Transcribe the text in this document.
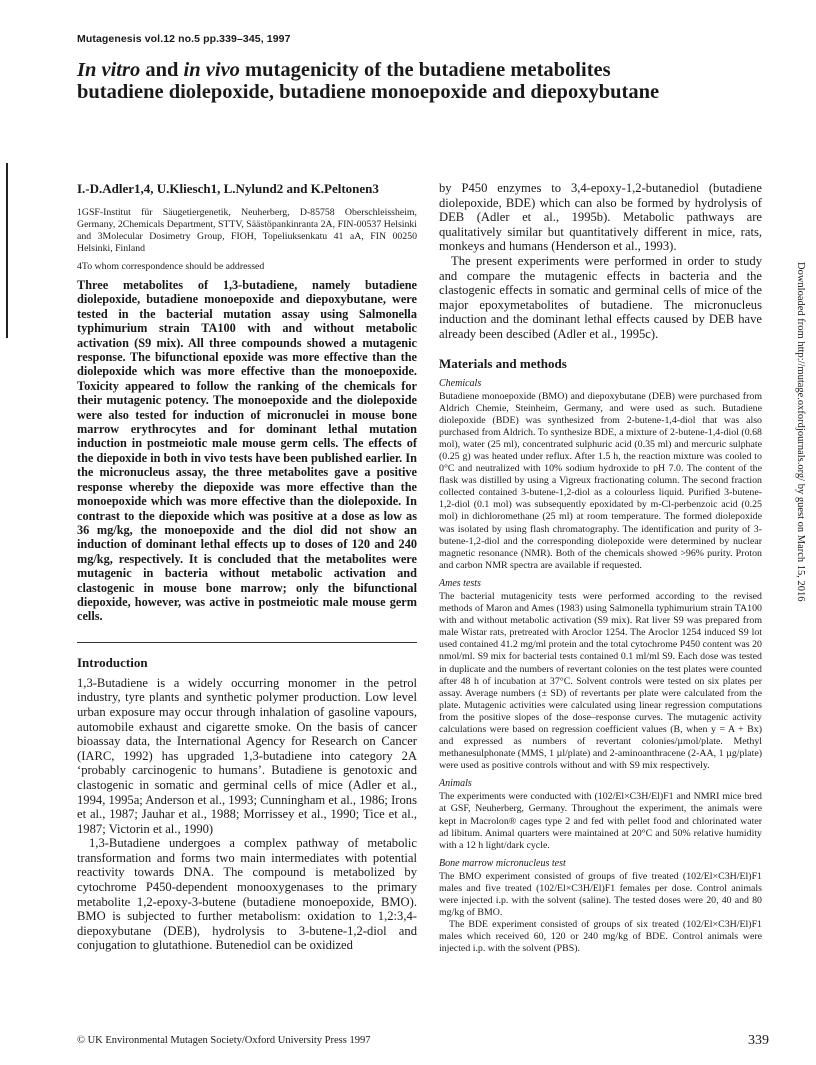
Mutagenesis vol.12 no.5 pp.339–345, 1997
In vitro and in vivo mutagenicity of the butadiene metabolites
butadiene diolepoxide, butadiene monoepoxide and diepoxybutane

I.-D.Adler1,4, U.Kliesch1, L.Nylund2 and K.Peltonen3

1GSF-Institut für Säugetiergenetik, Neuherberg, D-85758 Oberschleissheim, Germany, 2Chemicals Department, STTV, Säästöpankinranta 2A, FIN-00537 Helsinki and 3Molecular Dosimetry Group, FIOH, Topeliuksenkatu 41 aA, FIN 00250 Helsinki, Finland

4To whom correspondence should be addressed

Three metabolites of 1,3-butadiene, namely butadiene diolepoxide, butadiene monoepoxide and diepoxybutane, were tested in the bacterial mutation assay using Salmonella typhimurium strain TA100 with and without metabolic activation (S9 mix). All three compounds showed a mutagenic response. The bifunctional epoxide was more effective than the diolepoxide which was more effective than the monoepoxide. Toxicity appeared to follow the ranking of the chemicals for their mutagenic potency. The monoepoxide and the diolepoxide were also tested for induction of micronuclei in mouse bone marrow erythrocytes and for dominant lethal mutation induction in postmeiotic male mouse germ cells. The effects of the diepoxide in both in vivo tests have been published earlier. In the micronucleus assay, the three metabolites gave a positive response whereby the diepoxide was more effective than the monoepoxide which was more effective than the diolepoxide. In contrast to the diepoxide which was positive at a dose as low as 36 mg/kg, the monoepoxide and the diol did not show an induction of dominant lethal effects up to doses of 120 and 240 mg/kg, respectively. It is concluded that the metabolites were mutagenic in bacteria without metabolic activation and clastogenic in mouse bone marrow; only the bifunctional diepoxide, however, was active in postmeiotic male mouse germ cells.

Introduction

1,3-Butadiene is a widely occurring monomer in the petrol industry, tyre plants and synthetic polymer production. Low level urban exposure may occur through inhalation of gasoline vapours, automobile exhaust and cigarette smoke. On the basis of cancer bioassay data, the International Agency for Research on Cancer (IARC, 1992) has upgraded 1,3-butadiene into category 2A ‘probably carcinogenic to humans’. Butadiene is genotoxic and clastogenic in somatic and germinal cells of mice (Adler et al., 1994, 1995a; Anderson et al., 1993; Cunningham et al., 1986; Irons et al., 1987; Jauhar et al., 1988; Morrissey et al., 1990; Tice et al., 1987; Victorin et al., 1990)

1,3-Butadiene undergoes a complex pathway of metabolic transformation and forms two main intermediates with potential reactivity towards DNA. The compound is metabolized by cytochrome P450-dependent monooxygenases to the primary metabolite 1,2-epoxy-3-butene (butadiene monoepoxide, BMO). BMO is subjected to further metabolism: oxidation to 1,2:3,4-diepoxybutane (DEB), hydrolysis to 3-butene-1,2-diol and conjugation to glutathione. Butenediol can be oxidized

by P450 enzymes to 3,4-epoxy-1,2-butanediol (butadiene diolepoxide, BDE) which can also be formed by hydrolysis of DEB (Adler et al., 1995b). Metabolic pathways are qualitatively similar but quantitatively different in mice, rats, monkeys and humans (Henderson et al., 1993).

The present experiments were performed in order to study and compare the mutagenic effects in bacteria and the clastogenic effects in somatic and germinal cells of mice of the major epoxymetabolites of butadiene. The micronucleus induction and the dominant lethal effects caused by DEB have already been descibed (Adler et al., 1995c).

Materials and methods

Chemicals

Butadiene monoepoxide (BMO) and diepoxybutane (DEB) were purchased from Aldrich Chemie, Steinheim, Germany, and were used as such. Butadiene diolepoxide (BDE) was synthesized from 2-butene-1,4-diol that was also purchased from Aldrich. To synthesize BDE, a mixture of 2-butene-1,4-diol (0.68 mol), water (25 ml), concentrated sulphuric acid (0.35 ml) and mercuric sulphate (0.25 g) was heated under reflux. After 1.5 h, the reaction mixture was cooled to 0°C and neutralized with 10% sodium hydroxide to pH 7.0. The content of the flask was distilled by using a Vigreux fractionating column. The second fraction collected contained 3-butene-1,2-diol as a colourless liquid. Purified 3-butene-1,2-diol (0.1 mol) was subsequently epoxidated by m-Cl-perbenzoic acid (0.25 mol) in dichloromethane (25 ml) at room temperature. The formed diolepoxide was isolated by using flash chromatography. The identification and purity of 3-butene-1,2-diol and the corresponding diolepoxide were determined by nuclear magnetic resonance (NMR). Both of the chemicals showed >96% purity. Proton and carbon NMR spectra are available if requested.

Ames tests

The bacterial mutagenicity tests were performed according to the revised methods of Maron and Ames (1983) using Salmonella typhimurium strain TA100 with and without metabolic activation (S9 mix). Rat liver S9 was prepared from male Wistar rats, pretreated with Aroclor 1254. The Aroclor 1254 induced S9 lot used contained 41.2 mg/ml protein and the total cytochrome P450 content was 20 nmol/ml. S9 mix for bacterial tests contained 0.1 ml/ml S9. Each dose was tested in duplicate and the numbers of revertant colonies on the test plates were counted after 48 h of incubation at 37°C. Solvent controls were tested on six plates per assay. Average numbers (± SD) of revertants per plate were calculated from the plate. Mutagenic activities were calculated using linear regression computations from the positive slopes of the dose–response curves. The mutagenic activity calculations were based on regression coefficient values (B, when y = A + Bx) and expressed as numbers of revertant colonies/µmol/plate. Methyl methanesulphonate (MMS, 1 µl/plate) and 2-aminoanthracene (2-AA, 1 µg/plate) were used as positive controls without and with S9 mix respectively.

Animals

The experiments were conducted with (102/El×C3H/El)F1 and NMRI mice bred at GSF, Neuherberg, Germany. Throughout the experiment, the animals were kept in Macrolon® cages type 2 and fed with pellet food and chlorinated water ad libitum. Animal quarters were maintained at 20°C and 50% relative humidity with a 12 h light/dark cycle.

Bone marrow micronucleus test

The BMO experiment consisted of groups of five treated (102/El×C3H/El)F1 males and five treated (102/El×C3H/El)F1 females per dose. Control animals were injected i.p. with the solvent (saline). The tested doses were 20, 40 and 80 mg/kg of BMO.

The BDE experiment consisted of groups of six treated (102/El×C3H/El)F1 males which received 60, 120 or 240 mg/kg of BDE. Control animals were injected i.p. with the solvent (PBS).

© UK Environmental Mutagen Society/Oxford University Press 1997	339
Downloaded from http://mutage.oxfordjournals.org/ by guest on March 15, 2016
